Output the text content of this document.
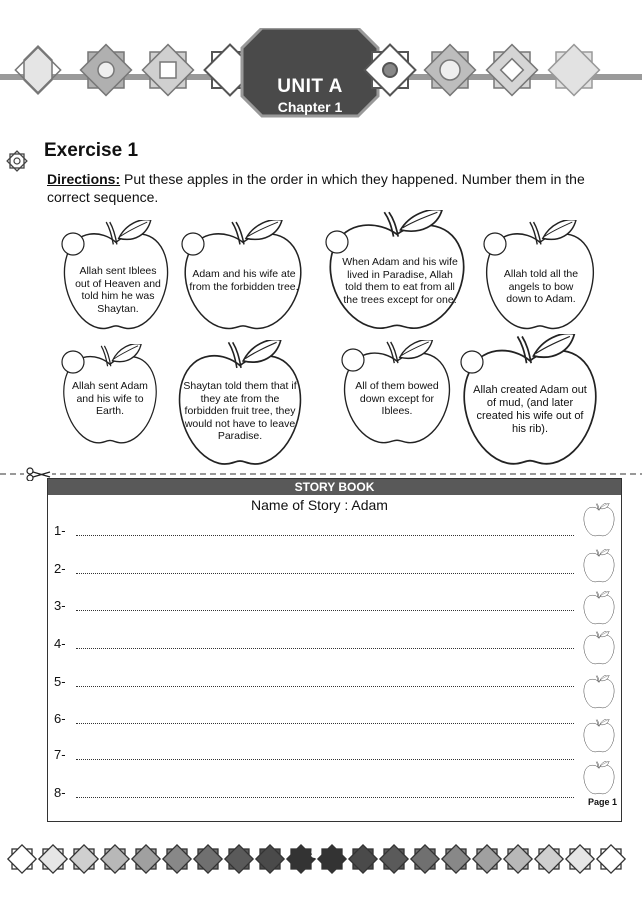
UNIT A
Chapter 1
Exercise 1
Directions: Put these apples in the order in which they happened. Number them in the correct sequence.
Allah sent Iblees out of Heaven and told him he was Shaytan.
Adam and his wife ate from the forbidden tree.
When Adam and his wife lived in Paradise, Allah told them to eat from all the trees except for one.
Allah told all the angels to bow down to Adam.
Allah sent Adam and his wife to Earth.
Shaytan told them that if they ate from the forbidden fruit tree, they would not have to leave Paradise.
All of them bowed down except for Iblees.
Allah created Adam out of mud, (and later created his wife out of his rib).
STORY BOOK
Name of Story : Adam
1-
2-
3-
4-
5-
6-
7-
8-
Page 1
5
